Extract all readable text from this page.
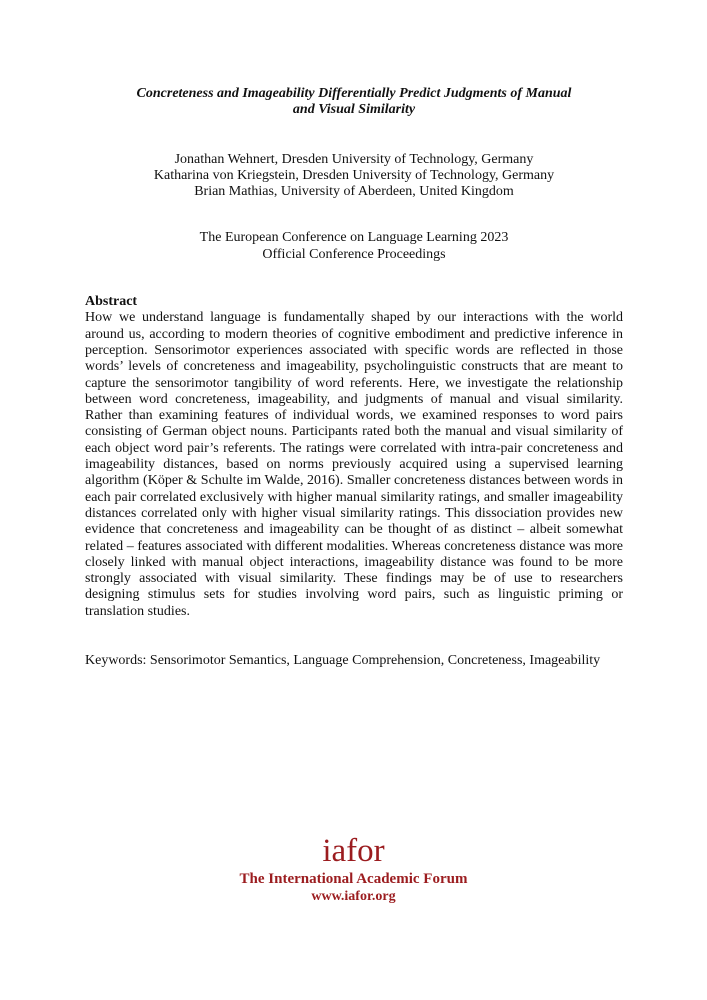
Concreteness and Imageability Differentially Predict Judgments of Manual
and Visual Similarity
Jonathan Wehnert, Dresden University of Technology, Germany
Katharina von Kriegstein, Dresden University of Technology, Germany
Brian Mathias, University of Aberdeen, United Kingdom
The European Conference on Language Learning 2023
Official Conference Proceedings
Abstract

How we understand language is fundamentally shaped by our interactions with the world around us, according to modern theories of cognitive embodiment and predictive inference in perception. Sensorimotor experiences associated with specific words are reflected in those words’ levels of concreteness and imageability, psycholinguistic constructs that are meant to capture the sensorimotor tangibility of word referents. Here, we investigate the relationship between word concreteness, imageability, and judgments of manual and visual similarity. Rather than examining features of individual words, we examined responses to word pairs consisting of German object nouns. Participants rated both the manual and visual similarity of each object word pair’s referents. The ratings were correlated with intra-pair concreteness and imageability distances, based on norms previously acquired using a supervised learning algorithm (Köper & Schulte im Walde, 2016). Smaller concreteness distances between words in each pair correlated exclusively with higher manual similarity ratings, and smaller imageability distances correlated only with higher visual similarity ratings. This dissociation provides new evidence that concreteness and imageability can be thought of as distinct – albeit somewhat related – features associated with different modalities. Whereas concreteness distance was more closely linked with manual object interactions, imageability distance was found to be more strongly associated with visual similarity. These findings may be of use to researchers designing stimulus sets for studies involving word pairs, such as linguistic priming or translation studies.

Keywords: Sensorimotor Semantics, Language Comprehension, Concreteness, Imageability

iafor
The International Academic Forum
www.iafor.org
